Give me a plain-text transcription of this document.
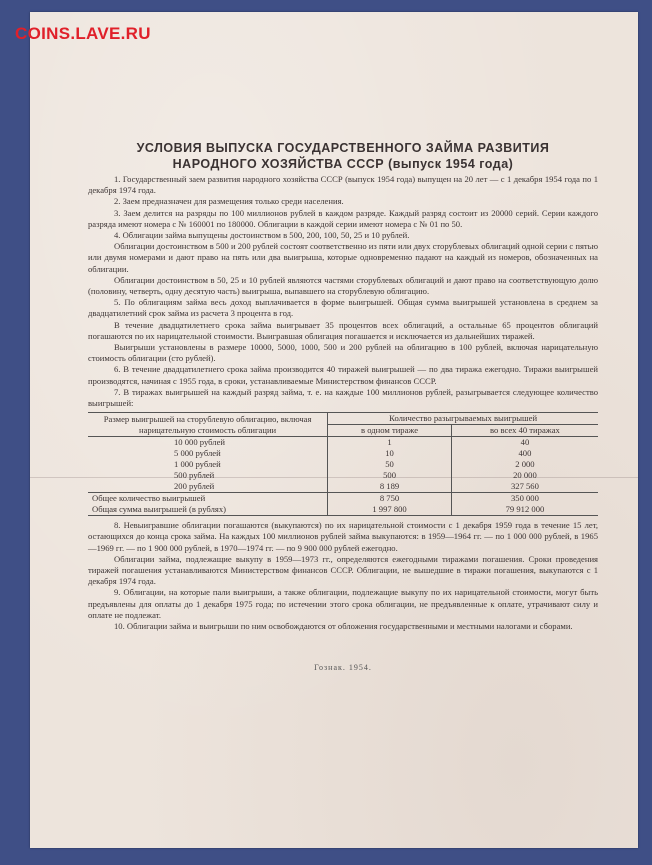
COINS.LAVE.RU
УСЛОВИЯ ВЫПУСКА ГОСУДАРСТВЕННОГО ЗАЙМА РАЗВИТИЯ
НАРОДНОГО ХОЗЯЙСТВА СССР (выпуск 1954 года)

1. Государственный заем развития народного хозяйства СССР (выпуск 1954 года) выпущен на 20 лет — с 1 декабря 1954 года по 1 декабря 1974 года.

2. Заем предназначен для размещения только среди населения.

3. Заем делится на разряды по 100 миллионов рублей в каждом разряде. Каждый разряд состоит из 20000 серий. Серии каждого разряда имеют номера с № 160001 по 180000. Облигации в каждой серии имеют номера с № 01 по 50.

4. Облигации займа выпущены достоинством в 500, 200, 100, 50, 25 и 10 рублей.

Облигации достоинством в 500 и 200 рублей состоят соответственно из пяти или двух сторублевых облигаций одной серии с пятью или двумя номерами и дают право на пять или два выигрыша, которые одновременно падают на каждый из номеров, обозначенных на облигации.

Облигации достоинством в 50, 25 и 10 рублей являются частями сторублевых облигаций и дают право на соответствующую долю (половину, четверть, одну десятую часть) выигрыша, выпавшего на сторублевую облигацию.

5. По облигациям займа весь доход выплачивается в форме выигрышей. Общая сумма выигрышей установлена в среднем за двадцатилетний срок займа из расчета 3 процента в год.

В течение двадцатилетнего срока займа выигрывает 35 процентов всех облигаций, а остальные 65 процентов облигаций погашаются по их нарицательной стоимости. Выигравшая облигация погашается и исключается из дальнейших тиражей.

Выигрыши установлены в размере 10000, 5000, 1000, 500 и 200 рублей на облигацию в 100 рублей, включая нарицательную стоимость облигации (сто рублей).

6. В течение двадцатилетнего срока займа производится 40 тиражей выигрышей — по два тиража ежегодно. Тиражи выигрышей производятся, начиная с 1955 года, в сроки, устанавливаемые Министерством финансов СССР.

7. В тиражах выигрышей на каждый разряд займа, т. е. на каждые 100 миллионов рублей, разыгрывается следующее количество выигрышей:

Размер выигрышей на сторублевую облигацию, включая нарицательную стоимость облигации	Количество разыгрываемых выигрышей	
	в одном тираже	во всех 40 тиражах
10 000 рублей	1	40
5 000 рублей	10	400
1 000 рублей	50	2 000
500 рублей	500	20 000
200 рублей	8 189	327 560
Общее количество выигрышей	8 750	350 000
Общая сумма выигрышей (в рублях)	1 997 800	79 912 000

8. Невыигравшие облигации погашаются (выкупаются) по их нарицательной стоимости с 1 декабря 1959 года в течение 15 лет, остающихся до конца срока займа. На каждых 100 миллионов рублей займа выкупаются: в 1959—1964 гг. — по 1 000 000 рублей, в 1965—1969 гг. — по 1 900 000 рублей, в 1970—1974 гг. — по 9 900 000 рублей ежегодно.

Облигации займа, подлежащие выкупу в 1959—1973 гг., определяются ежегодными тиражами погашения. Сроки проведения тиражей погашения устанавливаются Министерством финансов СССР. Облигации, не вышедшие в тиражи погашения, выкупаются с 1 декабря 1974 года.

9. Облигации, на которые пали выигрыши, а также облигации, подлежащие выкупу по их нарицательной стоимости, могут быть предъявлены для оплаты до 1 декабря 1975 года; по истечении этого срока облигации, не предъявленные к оплате, утрачивают силу и оплате не подлежат.

10. Облигации займа и выигрыши по ним освобождаются от обложения государственными и местными налогами и сборами.

Гознак. 1954.
